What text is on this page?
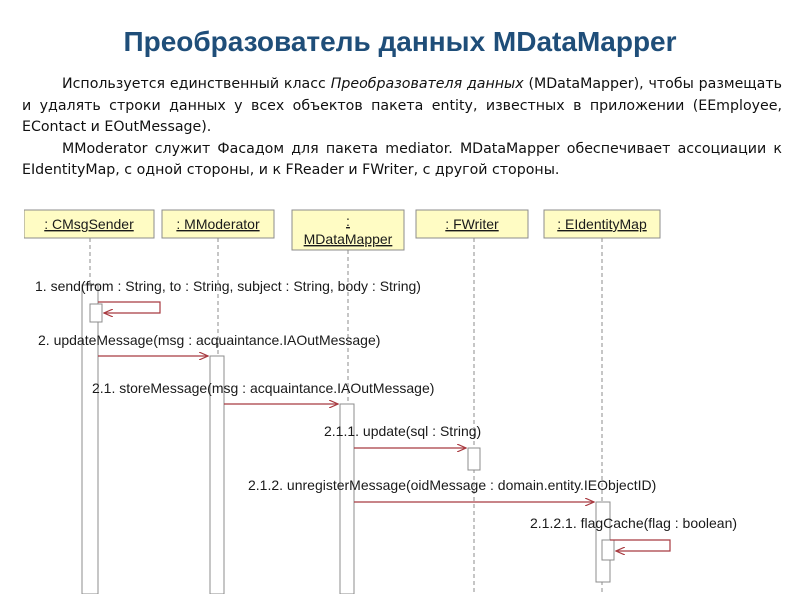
Преобразователь данных MDataMapper

Используется единственный класс Преобразователя данных (MDataMapper), чтобы размещать и удалять строки данных у всех объектов пакета entity, известных в приложении (EEmployee, EContact и EOutMessage).

MModerator служит Фасадом для пакета mediator. MDataMapper обеспечивает ассоциации к EIdentityMap, с одной стороны, и к FReader и FWriter, с другой стороны.

: CMsgSender	: MModerator	:
MDataMapper
: FWriter	: EIdentityMap
1. send(from : String, to : String, subject : String, body : String)
2. updateMessage(msg : acquaintance.IAOutMessage)
2.1. storeMessage(msg : acquaintance.IAOutMessage)
2.1.1. update(sql : String)
2.1.2. unregisterMessage(oidMessage : domain.entity.IEObjectID)
2.1.2.1. flagCache(flag : boolean)
